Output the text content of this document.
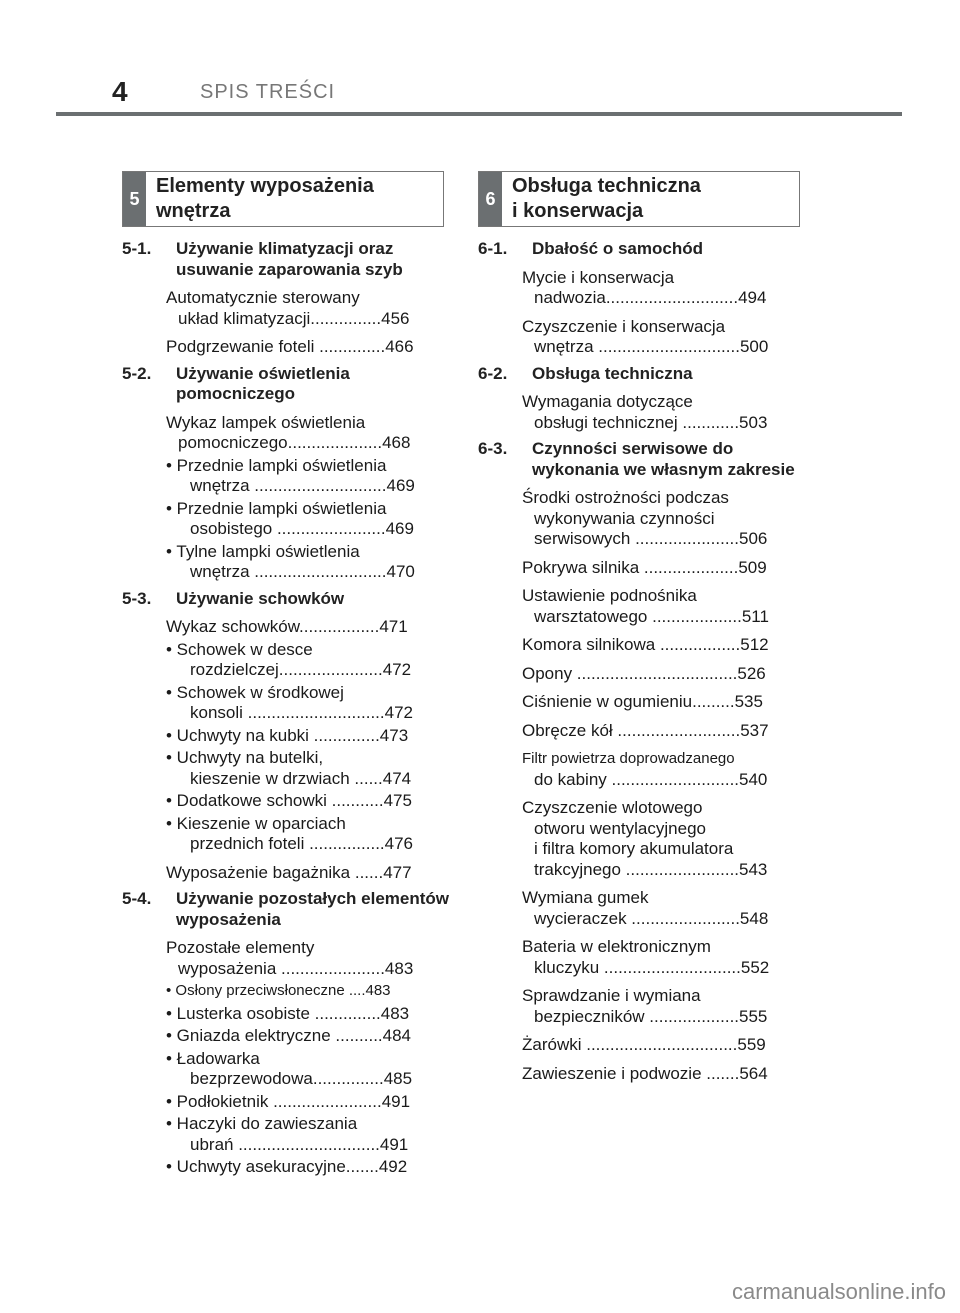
4	SPIS TREŚCI
5
Elementy wyposażenia
wnętrza
5-1.	Używanie klimatyzacji oraz usuwanie zaparowania szyb
Automatycznie sterowany
układ klimatyzacji...............456
Podgrzewanie foteli ..............466
5-2.	Używanie oświetlenia pomocniczego
Wykaz lampek oświetlenia
pomocniczego....................468
• Przednie lampki oświetlenia
wnętrza ............................469
• Przednie lampki oświetlenia
osobistego .......................469
• Tylne lampki oświetlenia
wnętrza ............................470
5-3.	Używanie schowków
Wykaz schowków.................471
• Schowek w desce
rozdzielczej......................472
• Schowek w środkowej
konsoli .............................472
• Uchwyty na kubki ..............473
• Uchwyty na butelki,
kieszenie w drzwiach ......474
• Dodatkowe schowki ...........475
• Kieszenie w oparciach
przednich foteli ................476
Wyposażenie bagażnika ......477
5-4.	Używanie pozostałych elementów wyposażenia
Pozostałe elementy
wyposażenia ......................483
• Osłony przeciwsłoneczne ....483
• Lusterka osobiste ..............483
• Gniazda elektryczne ..........484
• Ładowarka
bezprzewodowa...............485
• Podłokietnik .......................491
• Haczyki do zawieszania
ubrań ..............................491
• Uchwyty asekuracyjne.......492
6
Obsługa techniczna
i konserwacja
6-1.	Dbałość o samochód
Mycie i konserwacja
nadwozia............................494
Czyszczenie i konserwacja
wnętrza ..............................500
6-2.	Obsługa techniczna
Wymagania dotyczące
obsługi technicznej ............503
6-3.	Czynności serwisowe do wykonania we własnym zakresie
Środki ostrożności podczas
wykonywania czynności
serwisowych ......................506
Pokrywa silnika ....................509
Ustawienie podnośnika
warsztatowego ...................511
Komora silnikowa .................512
Opony ..................................526
Ciśnienie w ogumieniu.........535
Obręcze kół ..........................537
Filtr powietrza doprowadzanego
do kabiny ...........................540
Czyszczenie wlotowego
otworu wentylacyjnego
i filtra komory akumulatora
trakcyjnego ........................543
Wymiana gumek
wycieraczek .......................548
Bateria w elektronicznym
kluczyku .............................552
Sprawdzanie i wymiana
bezpieczników ...................555
Żarówki ................................559
Zawieszenie i podwozie .......564
carmanualsonline.info
